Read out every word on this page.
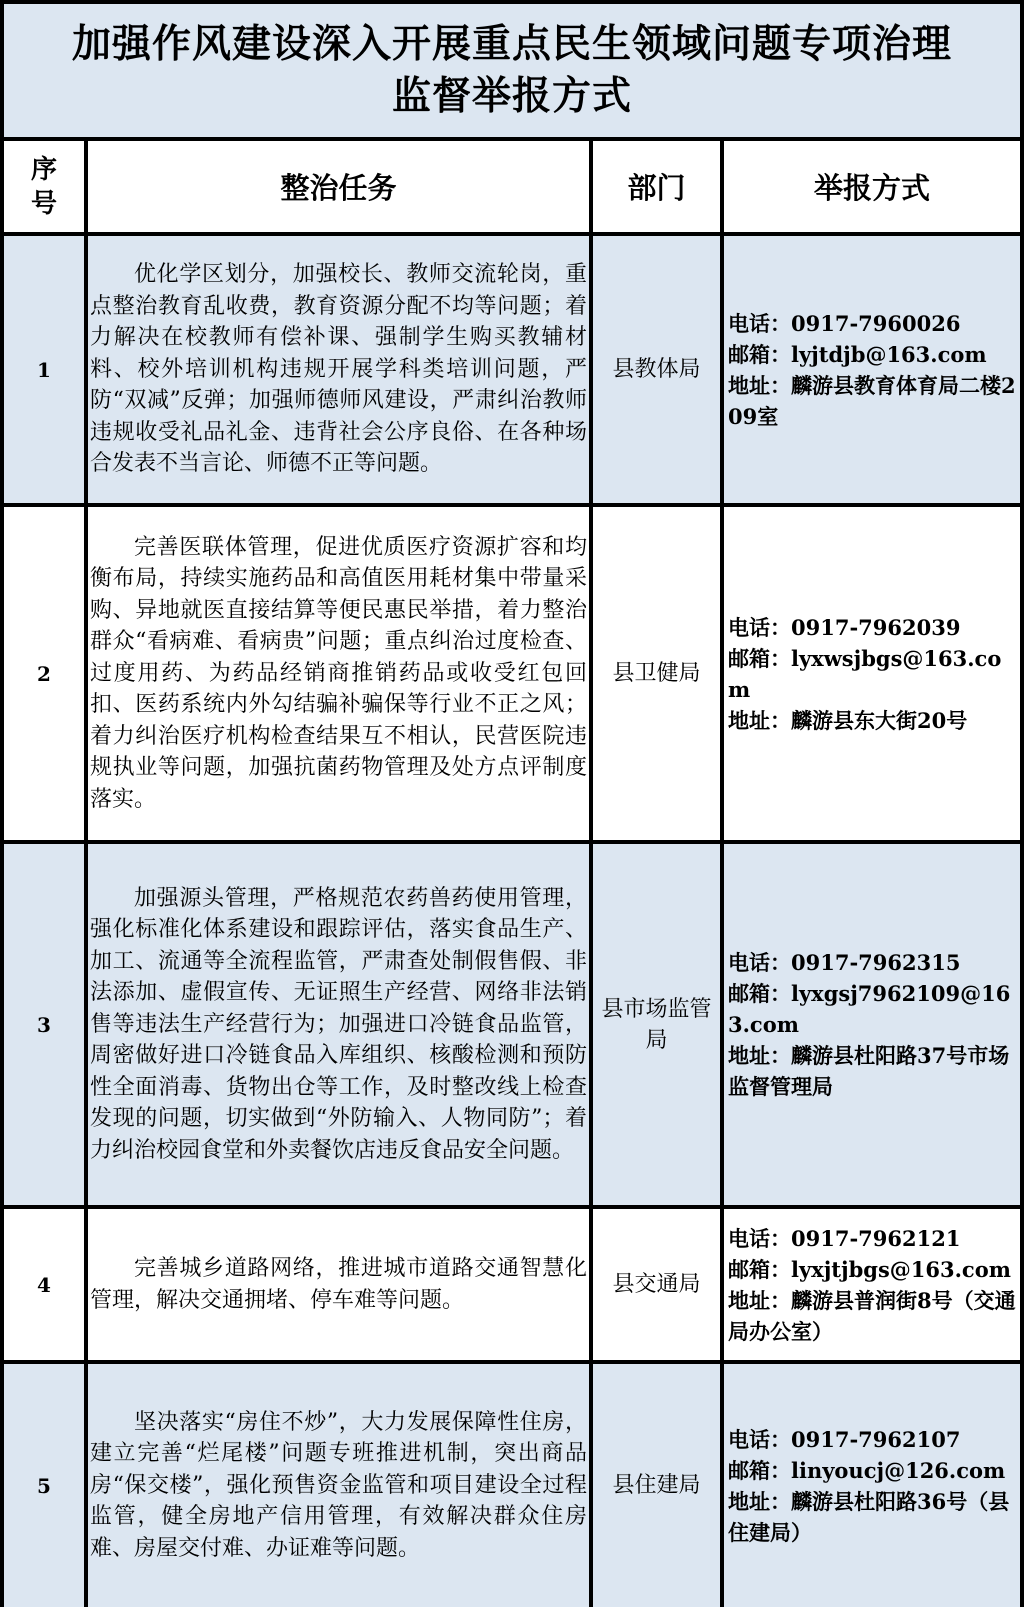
加强作风建设深入开展重点民生领域问题专项治理
监督举报方式
序号	整治任务	部门	举报方式
1	优化学区划分，加强校长、教师交流轮岗，重点整治教育乱收费，教育资源分配不均等问题；着力解决在校教师有偿补课、强制学生购买教辅材料、校外培训机构违规开展学科类培训问题，严防“双减”反弹；加强师德师风建设，严肃纠治教师违规收受礼品礼金、违背社会公序良俗、在各种场合发表不当言论、师德不正等问题。	县教体局	电话：0917-7960026
邮箱：lyjtdjb@163.com
地址：麟游县教育体育局二楼209室

2	完善医联体管理，促进优质医疗资源扩容和均衡布局，持续实施药品和高值医用耗材集中带量采购、异地就医直接结算等便民惠民举措，着力整治群众“看病难、看病贵”问题；重点纠治过度检查、过度用药、为药品经销商推销药品或收受红包回扣、医药系统内外勾结骗补骗保等行业不正之风；着力纠治医疗机构检查结果互不相认，民营医院违规执业等问题，加强抗菌药物管理及处方点评制度落实。	县卫健局	电话：0917-7962039
邮箱：lyxwsjbgs@163.com
地址：麟游县东大街20号

3	加强源头管理，严格规范农药兽药使用管理，强化标准化体系建设和跟踪评估，落实食品生产、加工、流通等全流程监管，严肃查处制假售假、非法添加、虚假宣传、无证照生产经营、网络非法销售等违法生产经营行为；加强进口冷链食品监管，周密做好进口冷链食品入库组织、核酸检测和预防性全面消毒、货物出仓等工作，及时整改线上检查发现的问题，切实做到“外防输入、人物同防”；着力纠治校园食堂和外卖餐饮店违反食品安全问题。	县市场监管局	电话：0917-7962315
邮箱：lyxgsj7962109@163.com
地址：麟游县杜阳路37号市场监督管理局

4	完善城乡道路网络，推进城市道路交通智慧化管理，解决交通拥堵、停车难等问题。	县交通局	电话：0917-7962121
邮箱：lyxjtjbgs@163.com
地址：麟游县普润街8号（交通局办公室）

5	坚决落实“房住不炒”，大力发展保障性住房，建立完善“烂尾楼”问题专班推进机制，突出商品房“保交楼”，强化预售资金监管和项目建设全过程监管，健全房地产信用管理，有效解决群众住房难、房屋交付难、办证难等问题。	县住建局	电话：0917-7962107
邮箱：linyoucj@126.com
地址：麟游县杜阳路36号（县住建局）
